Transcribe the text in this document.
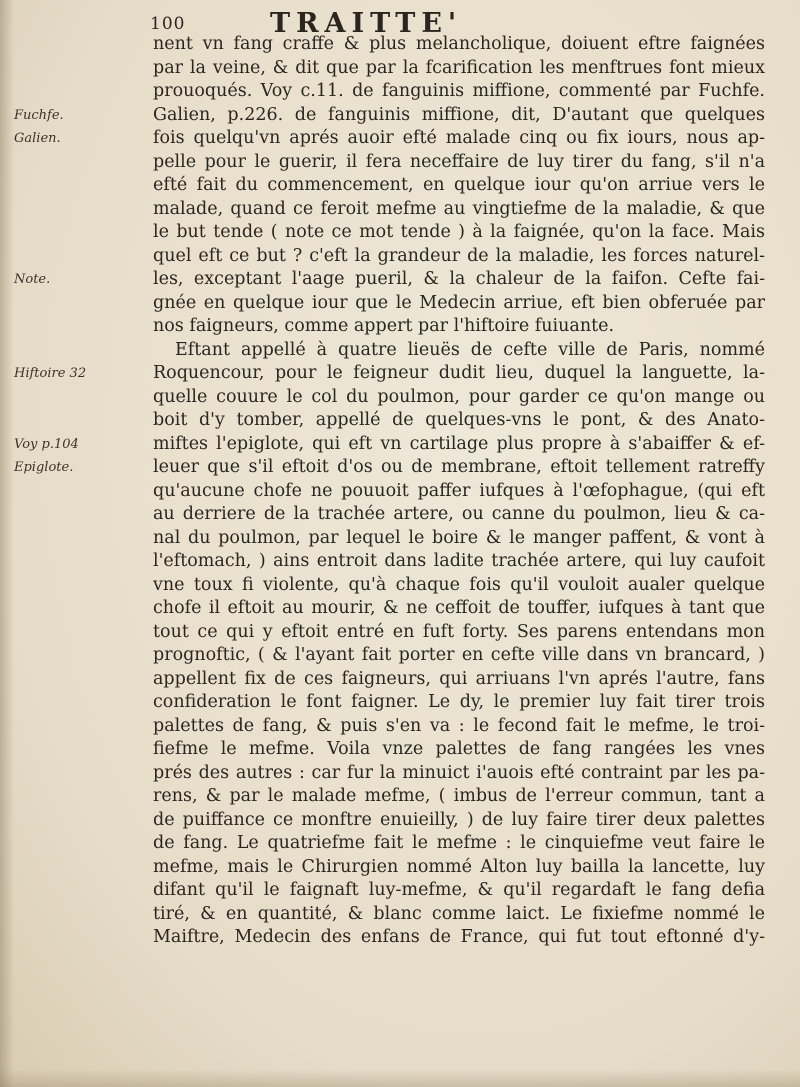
100	TRAITTE'
Fuchfe.
Galien.
Note.
Hiftoire 32
Voy p.104
Epiglote.
nent vn fang craffe & plus melancholique, doiuent eftre faignées
par la veine, & dit que par la fcarification les menftrues font mieux
prouoqués. Voy c.11. de fanguinis miffione, commenté par Fuchfe.
Galien, p.226. de fanguinis miffione, dit, D'autant que quelques
fois quelqu'vn aprés auoir efté malade cinq ou fix iours, nous ap-
pelle pour le guerir, il fera neceffaire de luy tirer du fang, s'il n'a
efté fait du commencement, en quelque iour qu'on arriue vers le
malade, quand ce feroit mefme au vingtiefme de la maladie, & que
le but tende ( note ce mot tende ) à la faignée, qu'on la face. Mais
quel eft ce but ? c'eft la grandeur de la maladie, les forces naturel-
les, exceptant l'aage pueril, & la chaleur de la faifon. Cefte fai-
gnée en quelque iour que le Medecin arriue, eft bien obferuée par
nos faigneurs, comme appert par l'hiftoire fuiuante.
Eftant appellé à quatre lieuës de cefte ville de Paris, nommé
Roquencour, pour le feigneur dudit lieu, duquel la languette, la-
quelle couure le col du poulmon, pour garder ce qu'on mange ou
boit d'y tomber, appellé de quelques-vns le pont, & des Anato-
miftes l'epiglote, qui eft vn cartilage plus propre à s'abaiffer & ef-
leuer que s'il eftoit d'os ou de membrane, eftoit tellement ratreffy
qu'aucune chofe ne pouuoit paffer iufques à l'œfophague, (qui eft
au derriere de la trachée artere, ou canne du poulmon, lieu & ca-
nal du poulmon, par lequel le boire & le manger paffent, & vont à
l'eftomach, ) ains entroit dans ladite trachée artere, qui luy caufoit
vne toux fi violente, qu'à chaque fois qu'il vouloit aualer quelque
chofe il eftoit au mourir, & ne ceffoit de touffer, iufques à tant que
tout ce qui y eftoit entré en fuft forty. Ses parens entendans mon
prognoftic, ( & l'ayant fait porter en cefte ville dans vn brancard, )
appellent fix de ces faigneurs, qui arriuans l'vn aprés l'autre, fans
confideration le font faigner. Le dy, le premier luy fait tirer trois
palettes de fang, & puis s'en va : le fecond fait le mefme, le troi-
fiefme le mefme. Voila vnze palettes de fang rangées les vnes
prés des autres : car fur la minuict i'auois efté contraint par les pa-
rens, & par le malade mefme, ( imbus de l'erreur commun, tant a
de puiffance ce monftre enuieilly, ) de luy faire tirer deux palettes
de fang. Le quatriefme fait le mefme : le cinquiefme veut faire le
mefme, mais le Chirurgien nommé Alton luy bailla la lancette, luy
difant qu'il le faignaft luy-mefme, & qu'il regardaft le fang defia
tiré, & en quantité, & blanc comme laict. Le fixiefme nommé le
Maiftre, Medecin des enfans de France, qui fut tout eftonné d'y-
